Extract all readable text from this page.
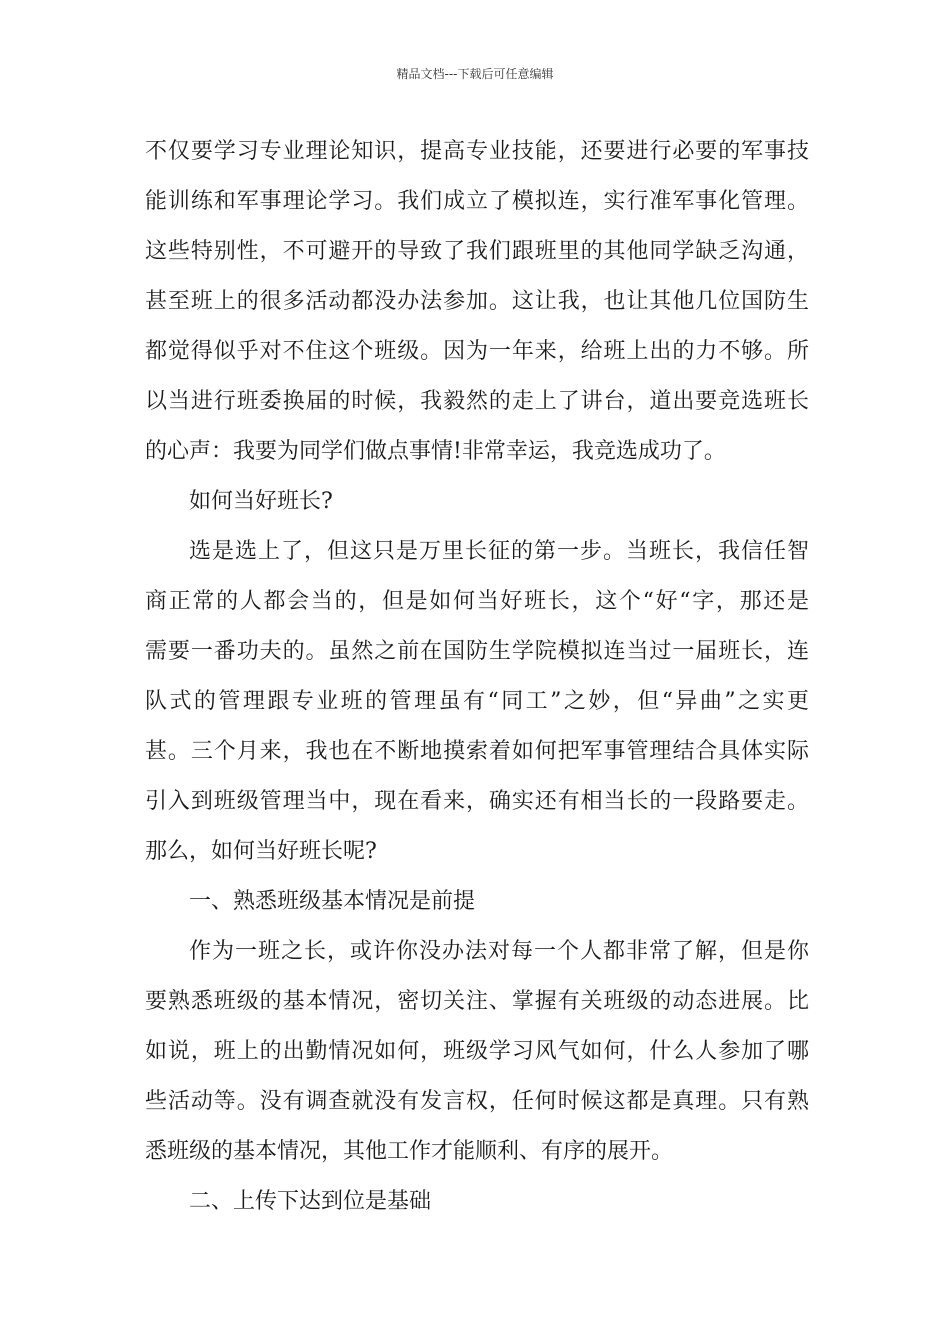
精品文档---下载后可任意编辑
不仅要学习专业理论知识，提高专业技能，还要进行必要的军事技
能训练和军事理论学习。我们成立了模拟连，实行准军事化管理。
这些特别性，不可避开的导致了我们跟班里的其他同学缺乏沟通，
甚至班上的很多活动都没办法参加。这让我，也让其他几位国防生
都觉得似乎对不住这个班级。因为一年来，给班上出的力不够。所
以当进行班委换届的时候，我毅然的走上了讲台，道出要竞选班长
的心声：我要为同学们做点事情!非常幸运，我竞选成功了。
如何当好班长?
选是选上了，但这只是万里长征的第一步。当班长，我信任智
商正常的人都会当的，但是如何当好班长，这个“好“字，那还是
需要一番功夫的。虽然之前在国防生学院模拟连当过一届班长，连
队式的管理跟专业班的管理虽有“同工”之妙，但“异曲”之实更
甚。三个月来，我也在不断地摸索着如何把军事管理结合具体实际
引入到班级管理当中，现在看来，确实还有相当长的一段路要走。
那么，如何当好班长呢?
一、熟悉班级基本情况是前提
作为一班之长，或许你没办法对每一个人都非常了解，但是你
要熟悉班级的基本情况，密切关注、掌握有关班级的动态进展。比
如说，班上的出勤情况如何，班级学习风气如何，什么人参加了哪
些活动等。没有调查就没有发言权，任何时候这都是真理。只有熟
悉班级的基本情况，其他工作才能顺利、有序的展开。
二、上传下达到位是基础
